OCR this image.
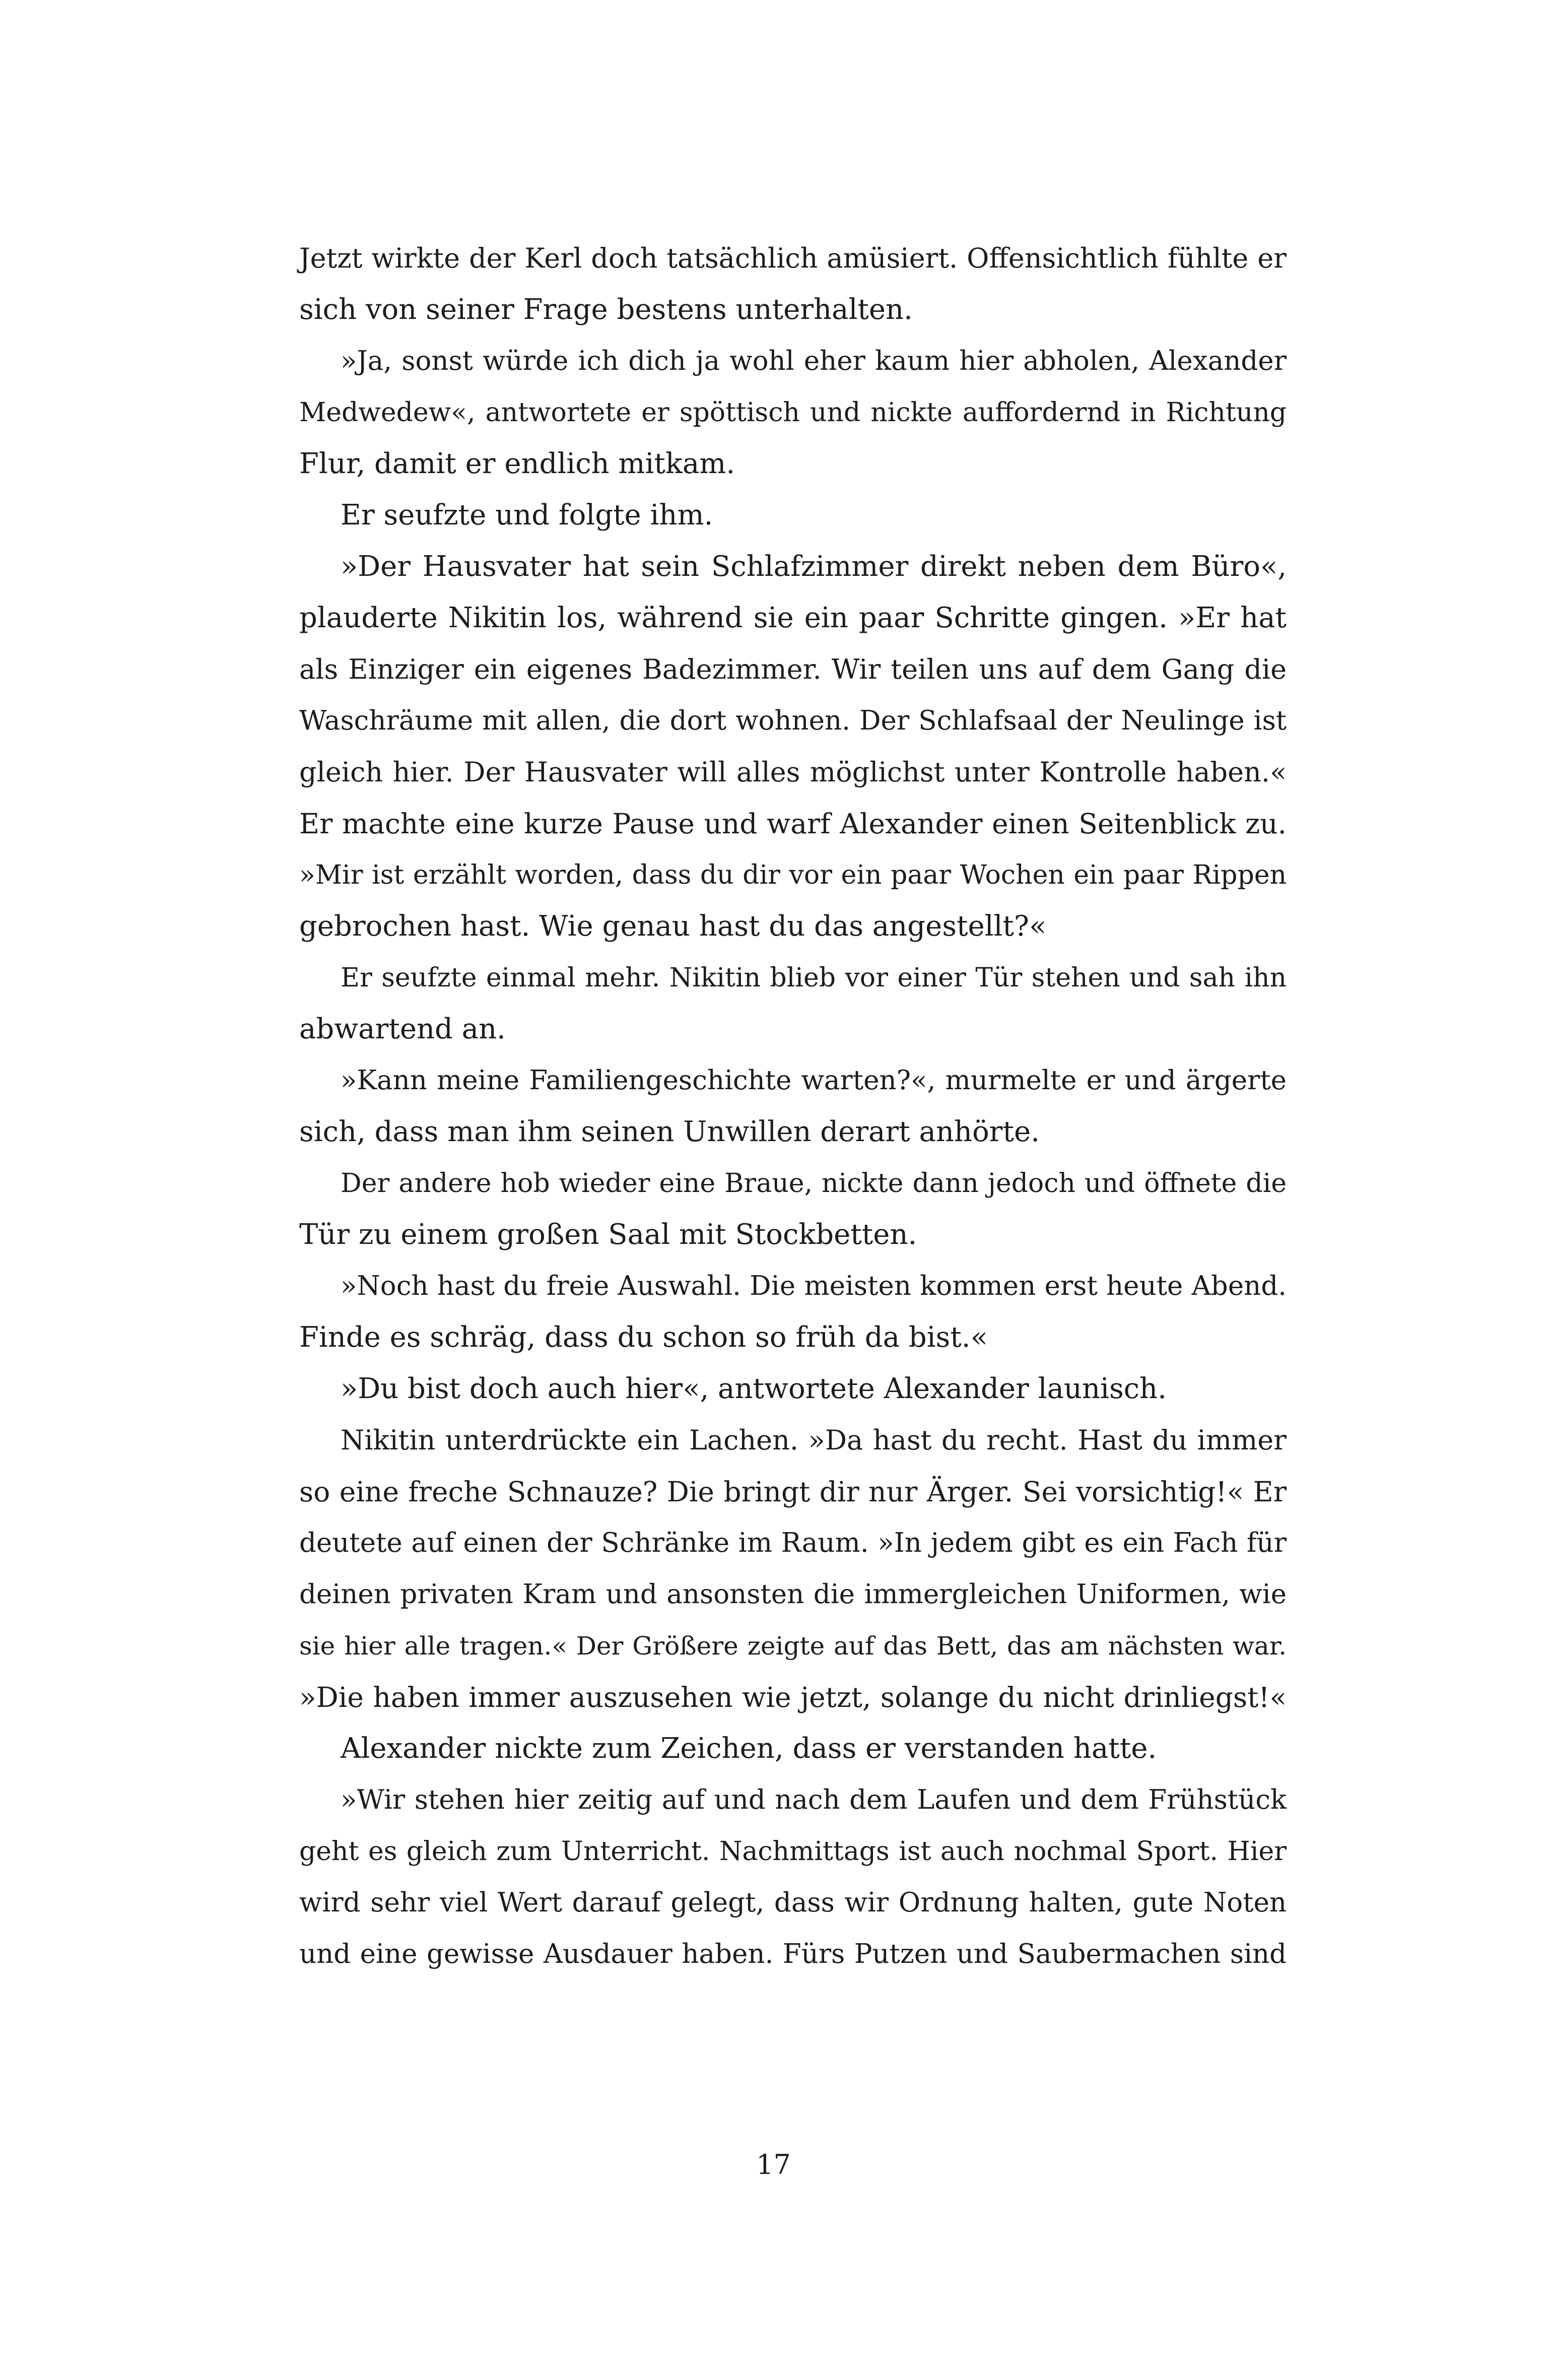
Jetzt wirkte der Kerl doch tatsächlich amüsiert. Offensichtlich fühlte er
sich von seiner Frage bestens unterhalten.
»Ja, sonst würde ich dich ja wohl eher kaum hier abholen, Alexander
Medwedew«, antwortete er spöttisch und nickte auffordernd in Richtung
Flur, damit er endlich mitkam.
Er seufzte und folgte ihm.
»Der Hausvater hat sein Schlafzimmer direkt neben dem Büro«,
plauderte Nikitin los, während sie ein paar Schritte gingen. »Er hat
als Einziger ein eigenes Badezimmer. Wir teilen uns auf dem Gang die
Waschräume mit allen, die dort wohnen. Der Schlafsaal der Neulinge ist
gleich hier. Der Hausvater will alles möglichst unter Kontrolle haben.«
Er machte eine kurze Pause und warf Alexander einen Seitenblick zu.
»Mir ist erzählt worden, dass du dir vor ein paar Wochen ein paar Rippen
gebrochen hast. Wie genau hast du das angestellt?«
Er seufzte einmal mehr. Nikitin blieb vor einer Tür stehen und sah ihn
abwartend an.
»Kann meine Familiengeschichte warten?«, murmelte er und ärgerte
sich, dass man ihm seinen Unwillen derart anhörte.
Der andere hob wieder eine Braue, nickte dann jedoch und öffnete die
Tür zu einem großen Saal mit Stockbetten.
»Noch hast du freie Auswahl. Die meisten kommen erst heute Abend.
Finde es schräg, dass du schon so früh da bist.«
»Du bist doch auch hier«, antwortete Alexander launisch.
Nikitin unterdrückte ein Lachen. »Da hast du recht. Hast du immer
so eine freche Schnauze? Die bringt dir nur Ärger. Sei vorsichtig!« Er
deutete auf einen der Schränke im Raum. »In jedem gibt es ein Fach für
deinen privaten Kram und ansonsten die immergleichen Uniformen, wie
sie hier alle tragen.« Der Größere zeigte auf das Bett, das am nächsten war.
»Die haben immer auszusehen wie jetzt, solange du nicht drinliegst!«
Alexander nickte zum Zeichen, dass er verstanden hatte.
»Wir stehen hier zeitig auf und nach dem Laufen und dem Frühstück
geht es gleich zum Unterricht. Nachmittags ist auch nochmal Sport. Hier
wird sehr viel Wert darauf gelegt, dass wir Ordnung halten, gute Noten
und eine gewisse Ausdauer haben. Fürs Putzen und Saubermachen sind
17
